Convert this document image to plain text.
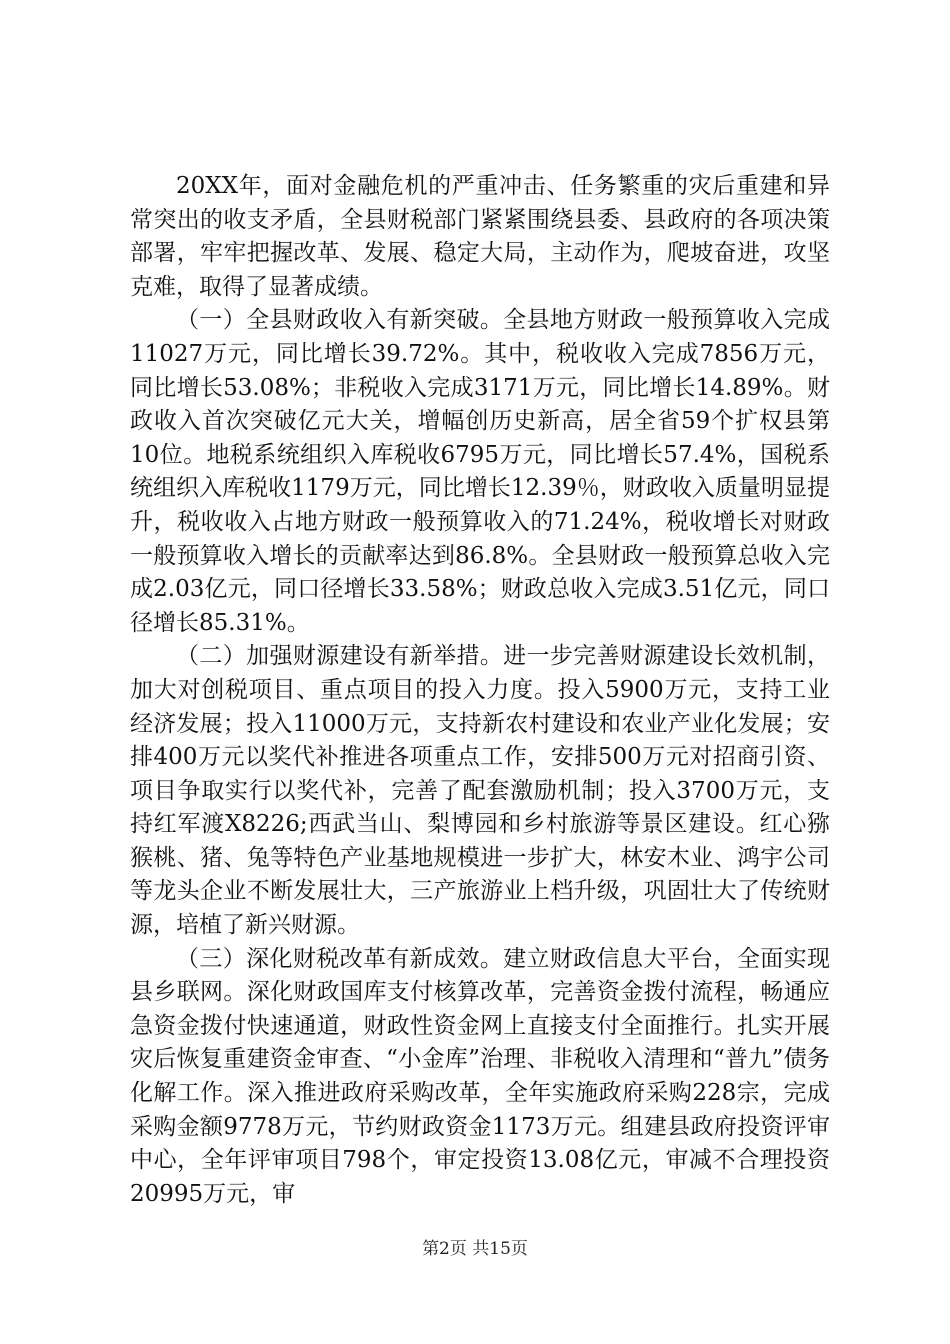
20XX年，面对金融危机的严重冲击、任务繁重的灾后重建和异常突出的收支矛盾，全县财税部门紧紧围绕县委、县政府的各项决策部署，牢牢把握改革、发展、稳定大局，主动作为，爬坡奋进，攻坚克难，取得了显著成绩。

（一）全县财政收入有新突破。全县地方财政一般预算收入完成11027万元，同比增长39.72%。其中，税收收入完成7856万元，同比增长53.08%；非税收入完成3171万元，同比增长14.89%。财政收入首次突破亿元大关，增幅创历史新高，居全省59个扩权县第10位。地税系统组织入库税收6795万元，同比增长57.4%，国税系统组织入库税收1179万元，同比增长12.39％，财政收入质量明显提升，税收收入占地方财政一般预算收入的71.24%，税收增长对财政一般预算收入增长的贡献率达到86.8%。全县财政一般预算总收入完成2.03亿元，同口径增长33.58%；财政总收入完成3.51亿元，同口径增长85.31%。

（二）加强财源建设有新举措。进一步完善财源建设长效机制，加大对创税项目、重点项目的投入力度。投入5900万元，支持工业经济发展；投入11000万元，支持新农村建设和农业产业化发展；安排400万元以奖代补推进各项重点工作，安排500万元对招商引资、项目争取实行以奖代补，完善了配套激励机制；投入3700万元，支持红军渡X8226;西武当山、梨博园和乡村旅游等景区建设。红心猕猴桃、猪、兔等特色产业基地规模进一步扩大，林安木业、鸿宇公司等龙头企业不断发展壮大，三产旅游业上档升级，巩固壮大了传统财源，培植了新兴财源。

（三）深化财税改革有新成效。建立财政信息大平台，全面实现县乡联网。深化财政国库支付核算改革，完善资金拨付流程，畅通应急资金拨付快速通道，财政性资金网上直接支付全面推行。扎实开展灾后恢复重建资金审查、“小金库”治理、非税收入清理和“普九”债务化解工作。深入推进政府采购改革，全年实施政府采购228宗，完成采购金额9778万元，节约财政资金1173万元。组建县政府投资评审中心，全年评审项目798个，审定投资13.08亿元，审减不合理投资20995万元，审

第2页 共15页
